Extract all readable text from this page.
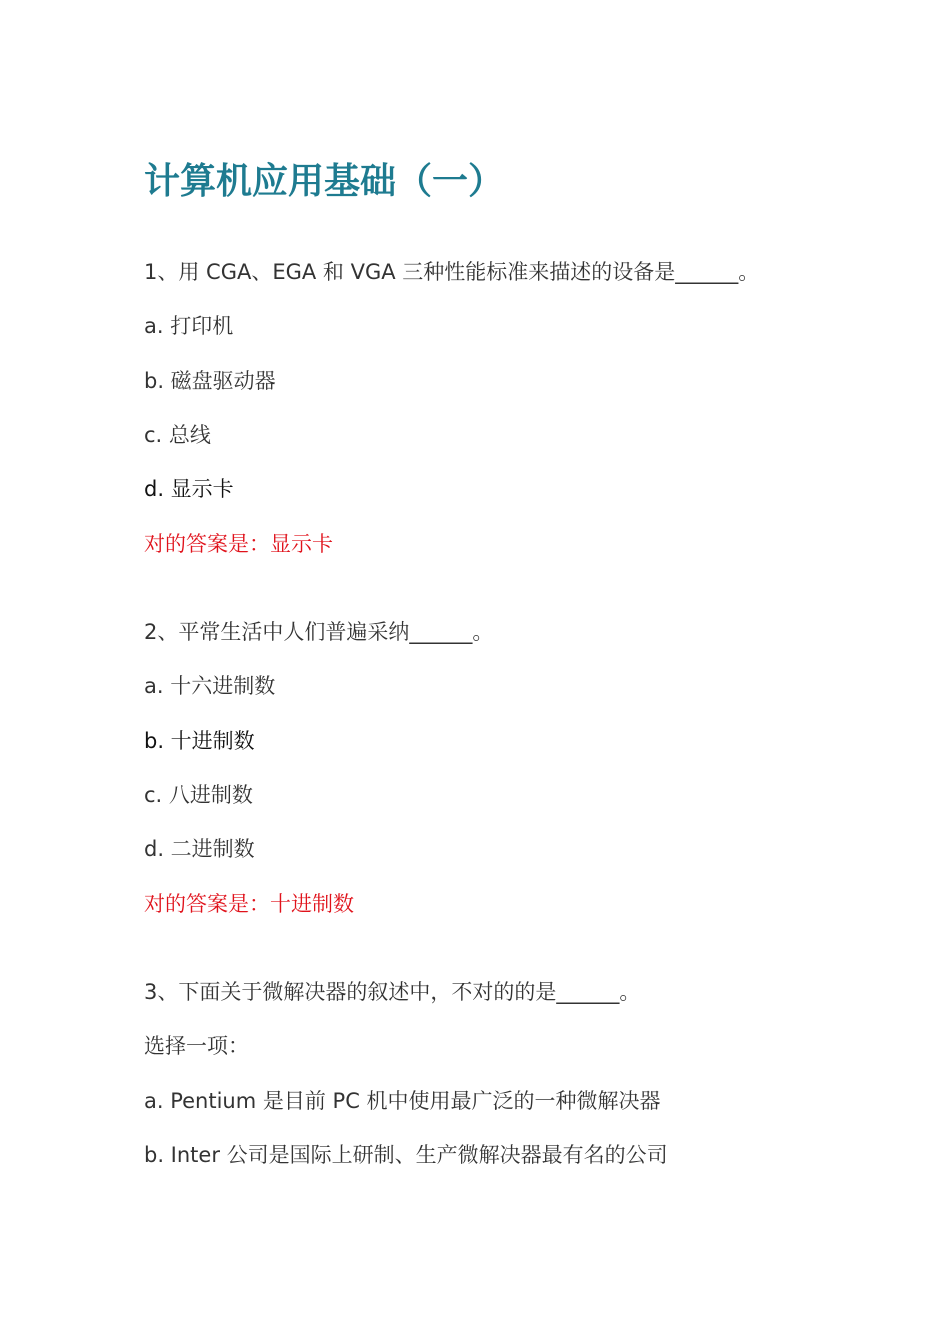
计算机应用基础（一）

1、用 CGA、EGA 和 VGA 三种性能标准来描述的设备是______。

a. 打印机

b. 磁盘驱动器

c. 总线

d. 显示卡

对的答案是：显示卡

2、平常生活中人们普遍采纳______。

a. 十六进制数

b. 十进制数

c. 八进制数

d. 二进制数

对的答案是：十进制数

3、下面关于微解决器的叙述中，不对的的是______。

选择一项：

a. Pentium 是目前 PC 机中使用最广泛的一种微解决器

b. Inter 公司是国际上研制、生产微解决器最有名的公司
